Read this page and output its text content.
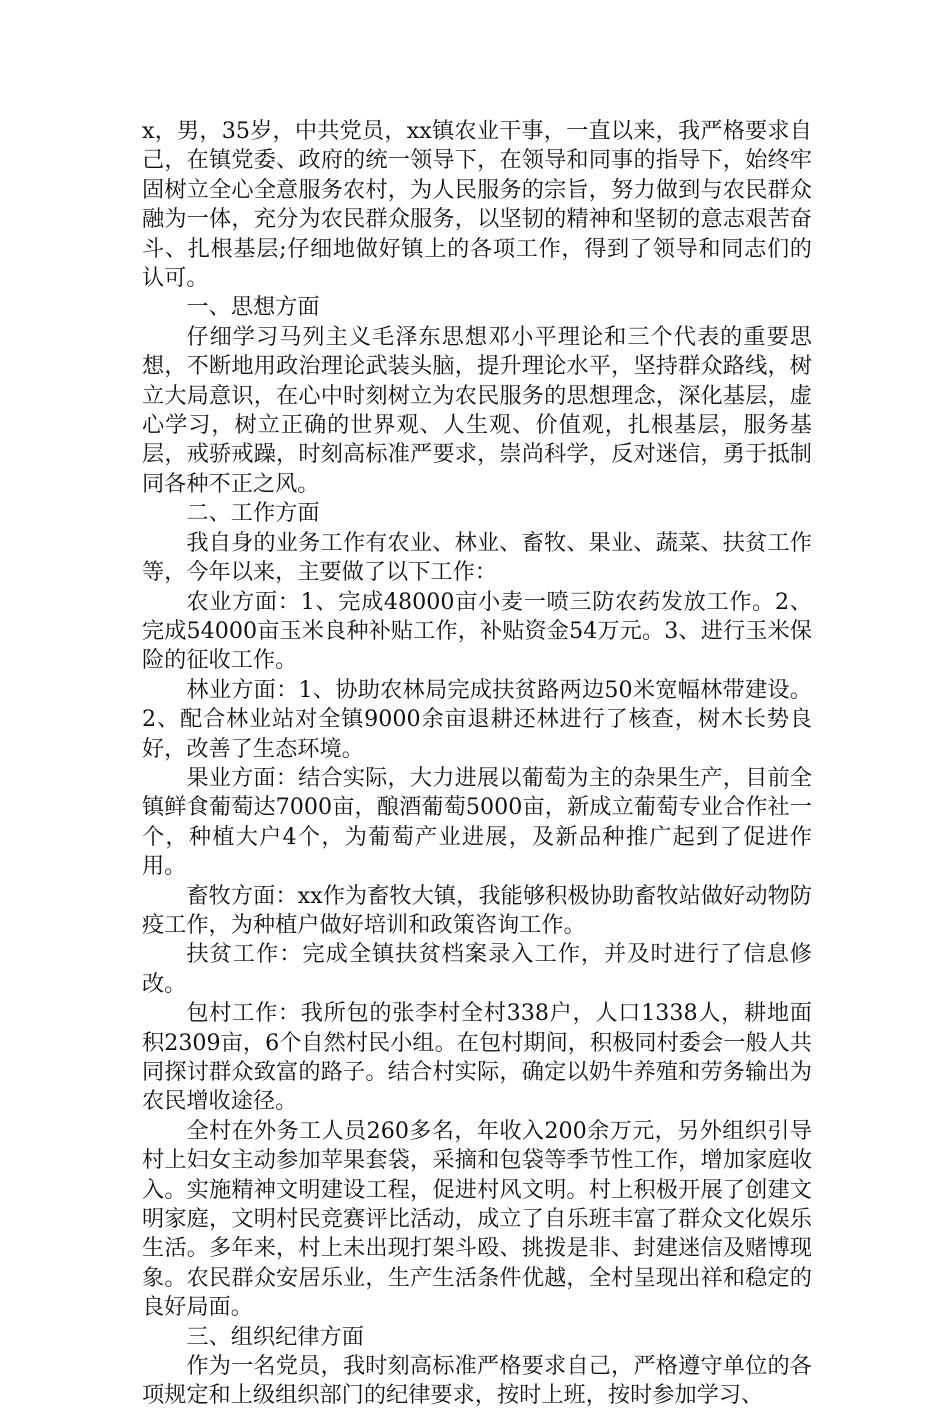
x，男，35岁，中共党员，xx镇农业干事，一直以来，我严格要求自己，在镇党委、政府的统一领导下，在领导和同事的指导下，始终牢固树立全心全意服务农村，为人民服务的宗旨，努力做到与农民群众融为一体，充分为农民群众服务，以坚韧的精神和坚韧的意志艰苦奋斗、扎根基层;仔细地做好镇上的各项工作，得到了领导和同志们的认可。

一、思想方面

仔细学习马列主义毛泽东思想邓小平理论和三个代表的重要思想，不断地用政治理论武装头脑，提升理论水平，坚持群众路线，树立大局意识，在心中时刻树立为农民服务的思想理念，深化基层，虚心学习，树立正确的世界观、人生观、价值观，扎根基层，服务基层，戒骄戒躁，时刻高标准严要求，崇尚科学，反对迷信，勇于抵制同各种不正之风。

二、工作方面

我自身的业务工作有农业、林业、畜牧、果业、蔬菜、扶贫工作等，今年以来，主要做了以下工作：

农业方面：1、完成48000亩小麦一喷三防农药发放工作。2、完成54000亩玉米良种补贴工作，补贴资金54万元。3、进行玉米保险的征收工作。

林业方面：1、协助农林局完成扶贫路两边50米宽幅林带建设。2、配合林业站对全镇9000余亩退耕还林进行了核查，树木长势良好，改善了生态环境。

果业方面：结合实际，大力进展以葡萄为主的杂果生产，目前全镇鲜食葡萄达7000亩，酿酒葡萄5000亩，新成立葡萄专业合作社一个，种植大户4个，为葡萄产业进展，及新品种推广起到了促进作用。

畜牧方面：xx作为畜牧大镇，我能够积极协助畜牧站做好动物防疫工作，为种植户做好培训和政策咨询工作。

扶贫工作：完成全镇扶贫档案录入工作，并及时进行了信息修改。

包村工作：我所包的张李村全村338户，人口1338人，耕地面积2309亩，6个自然村民小组。在包村期间，积极同村委会一般人共同探讨群众致富的路子。结合村实际，确定以奶牛养殖和劳务输出为农民增收途径。

全村在外务工人员260多名，年收入200余万元，另外组织引导村上妇女主动参加苹果套袋，采摘和包袋等季节性工作，增加家庭收入。实施精神文明建设工程，促进村风文明。村上积极开展了创建文明家庭，文明村民竞赛评比活动，成立了自乐班丰富了群众文化娱乐生活。多年来，村上未出现打架斗殴、挑拨是非、封建迷信及赌博现象。农民群众安居乐业，生产生活条件优越，全村呈现出祥和稳定的良好局面。

三、组织纪律方面

作为一名党员，我时刻高标准严格要求自己，严格遵守单位的各项规定和上级组织部门的纪律要求，按时上班，按时参加学习、
